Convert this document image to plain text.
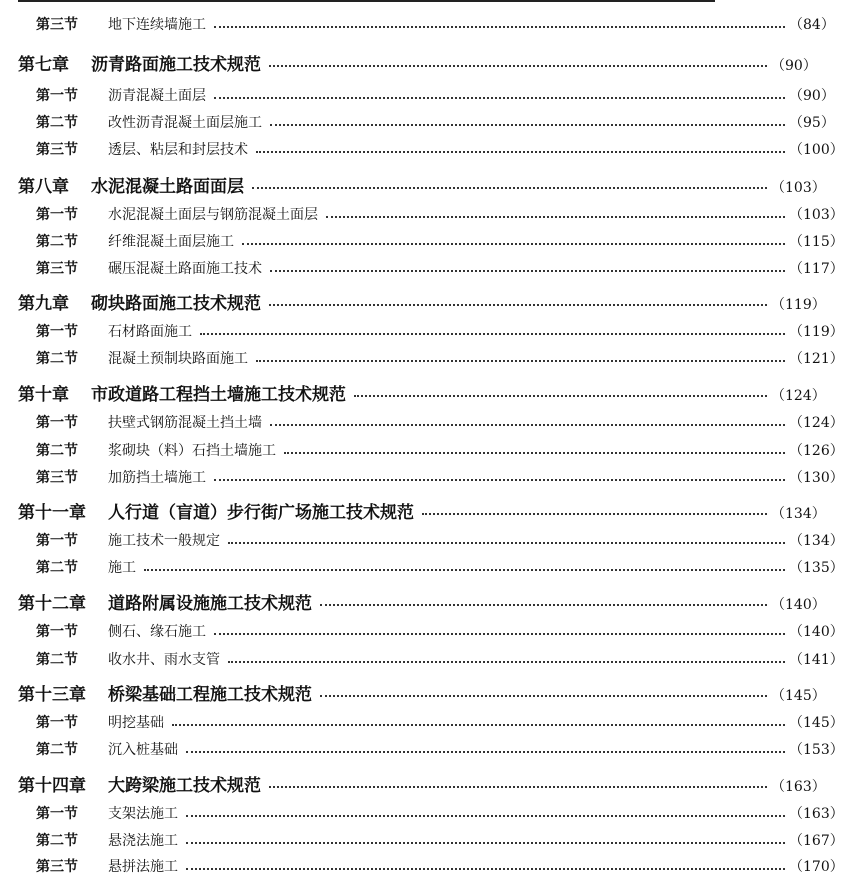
第三节	地下连续墙施工	（84）
第七章 沥青路面施工技术规范	（90）
第一节	沥青混凝土面层	（90）
第二节	改性沥青混凝土面层施工	（95）
第三节	透层、粘层和封层技术	（100）
第八章 水泥混凝土路面面层	（103）
第一节	水泥混凝土面层与钢筋混凝土面层	（103）
第二节	纤维混凝土面层施工	（115）
第三节	碾压混凝土路面施工技术	（117）
第九章 砌块路面施工技术规范	（119）
第一节	石材路面施工	（119）
第二节	混凝土预制块路面施工	（121）
第十章 市政道路工程挡土墙施工技术规范	（124）
第一节	扶壁式钢筋混凝土挡土墙	（124）
第二节	浆砌块（料）石挡土墙施工	（126）
第三节	加筋挡土墙施工	（130）
第十一章 人行道（盲道）步行街广场施工技术规范	（134）
第一节	施工技术一般规定	（134）
第二节	施工	（135）
第十二章 道路附属设施施工技术规范	（140）
第一节	侧石、缘石施工	（140）
第二节	收水井、雨水支管	（141）
第十三章 桥梁基础工程施工技术规范	（145）
第一节	明挖基础	（145）
第二节	沉入桩基础	（153）
第十四章 大跨梁施工技术规范	（163）
第一节	支架法施工	（163）
第二节	悬浇法施工	（167）
第三节	悬拼法施工	（170）
